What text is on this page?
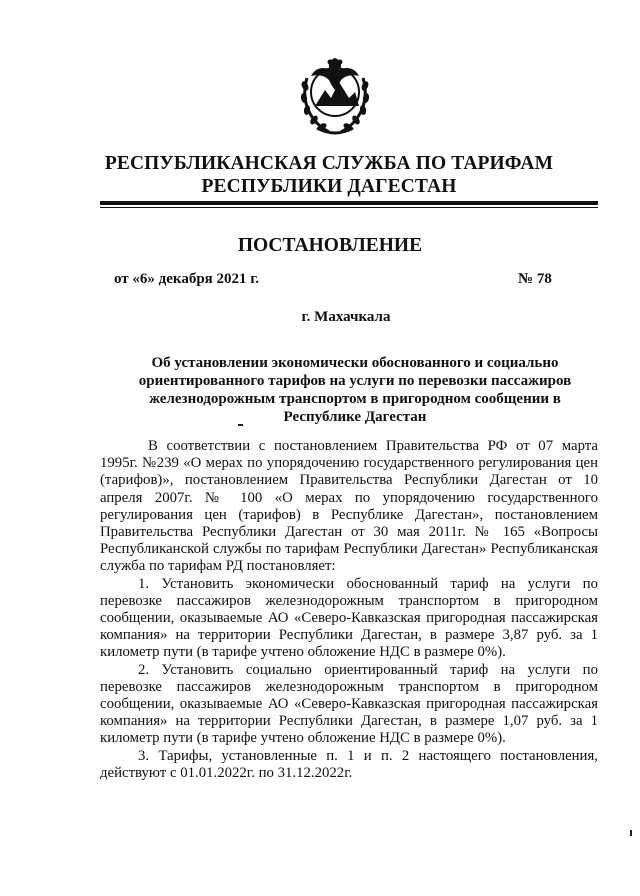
РЕСПУБЛИКАНСКАЯ СЛУЖБА ПО ТАРИФАМ
РЕСПУБЛИКИ ДАГЕСТАН
ПОСТАНОВЛЕНИЕ
от «6» декабря 2021 г.	№ 78
г. Махачкала
Об установлении экономически обоснованного и социально ориентированного тарифов на услуги по перевозки пассажиров железнодорожным транспортом в пригородном сообщении в Республике Дагестан

В соответствии с постановлением Правительства РФ от 07 марта 1995г. №239 «О мерах по упорядочению государственного регулирования цен (тарифов)», постановлением Правительства Республики Дагестан от 10 апреля 2007г. № 100 «О мерах по упорядочению государственного регулирования цен (тарифов) в Республике Дагестан», постановлением Правительства Республики Дагестан от 30 мая 2011г. № 165 «Вопросы Республиканской службы по тарифам Республики Дагестан» Республиканская служба по тарифам РД постановляет:

1. Установить экономически обоснованный тариф на услуги по перевозке пассажиров железнодорожным транспортом в пригородном сообщении, оказываемые АО «Северо-Кавказская пригородная пассажирская компания» на территории Республики Дагестан, в размере 3,87 руб. за 1 километр пути (в тарифе учтено обложение НДС в размере 0%).

2. Установить социально ориентированный тариф на услуги по перевозке пассажиров железнодорожным транспортом в пригородном сообщении, оказываемые АО «Северо-Кавказская пригородная пассажирская компания» на территории Республики Дагестан, в размере 1,07 руб. за 1 километр пути (в тарифе учтено обложение НДС в размере 0%).

3. Тарифы, установленные п. 1 и п. 2 настоящего постановления, действуют с 01.01.2022г. по 31.12.2022г.
